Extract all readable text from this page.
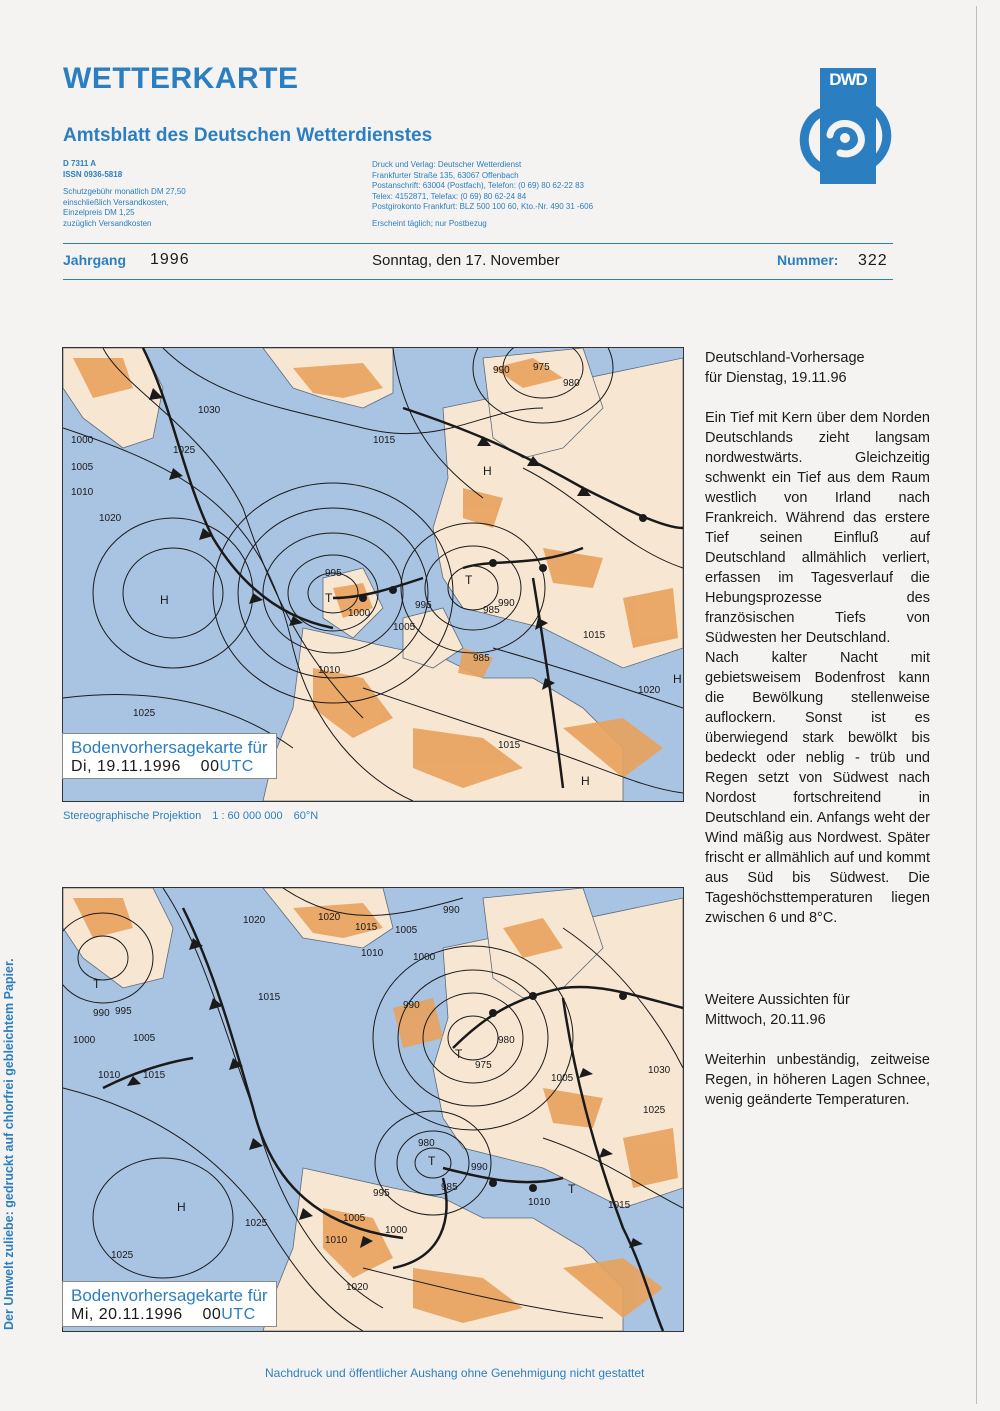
WETTERKARTE
Amtsblatt des Deutschen Wetterdienstes
D 7311 A
ISSN 0936-5818
Schutzgebühr monatlich DM 27,50
einschließlich Versandkosten,
Einzelpreis DM 1,25
zuzüglich Versandkosten
Druck und Verlag: Deutscher Wetterdienst
Frankfurter Straße 135, 63067 Offenbach
Postanschrift: 63004 (Postfach), Telefon: (0 69) 80 62-22 83
Telex: 4152871, Telefax: (0 69) 80 62-24 84
Postgirokonto Frankfurt: BLZ 500 100 60, Kto.-Nr. 490 31 -606
Erscheint täglich; nur Postbezug
DWD
Jahrgang 1996	Sonntag, den 17. November	Nummer: 322
1000
1005
1010
1020
1025
1030
995
985
990
980
975
1015
1000
1005
995
985
990
1010
1015
1020
1025
1015
H	T
T
H
H
H
Bodenvorhersagekarte für
Di, 19.11.1996 00UTC
Stereographische Projektion 1 : 60 000 000 60°N
1020	1020
1015 1005
990
1010	1000
1015
990 995
1000	1005
1010 1015
980
975
990
1005
1030
1025
980
990
985
995
1005
1000
1010
1010	1015
1025
1020
1025
T
T
T
H
T
Bodenvorhersagekarte für
Mi, 20.11.1996 00UTC
Deutschland-Vorhersage
für Dienstag, 19.11.96

Ein Tief mit Kern über dem Norden Deutschlands zieht langsam nordwestwärts. Gleichzeitig schwenkt ein Tief aus dem Raum westlich von Irland nach Frankreich. Während das erstere Tief seinen Einfluß auf Deutschland allmählich verliert, erfassen im Tagesverlauf die Hebungsprozesse des französischen Tiefs von Südwesten her Deutschland.

Nach kalter Nacht mit gebietsweisem Bodenfrost kann die Bewölkung stellenweise auflockern. Sonst ist es überwiegend stark bewölkt bis bedeckt oder neblig - trüb und Regen setzt von Südwest nach Nordost fortschreitend in Deutschland ein. Anfangs weht der Wind mäßig aus Nordwest. Später frischt er allmählich auf und kommt aus Süd bis Südwest. Die Tageshöchsttemperaturen liegen zwischen 6 und 8°C.

Weitere Aussichten für
Mittwoch, 20.11.96

Weiterhin unbeständig, zeitweise Regen, in höheren Lagen Schnee, wenig geänderte Temperaturen.

Der Umwelt zuliebe: gedruckt auf chlorfrei gebleichtem Papier.
Nachdruck und öffentlicher Aushang ohne Genehmigung nicht gestattet
